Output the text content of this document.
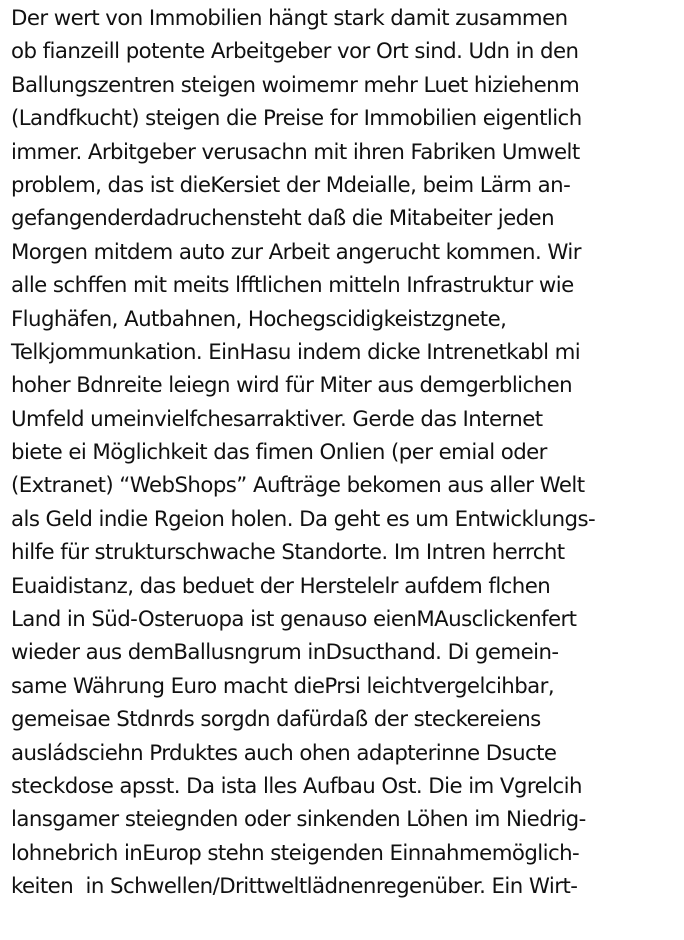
Der wert von Immobilien hängt stark damit zusammen
ob fianzeill potente Arbeitgeber vor Ort sind. Udn in den
Ballungszentren steigen woimemr mehr Luet hiziehenm
(Landfkucht) steigen die Preise for Immobilien eigentlich
immer. Arbitgeber verusachn mit ihren Fabriken Umwelt
problem, das ist dieKersiet der Mdeialle, beim Lärm an-
gefangenderdadruchensteht daß die Mitabeiter jeden
Morgen mitdem auto zur Arbeit angerucht kommen. Wir
alle schffen mit meits lfftlichen mitteln Infrastruktur wie
Flughäfen, Autbahnen, Hochegscidigkeistzgnete,
Telkjommunkation. EinHasu indem dicke Intrenetkabl mi
hoher Bdnreite leiegn wird für Miter aus demgerblichen
Umfeld umeinvielfchesarraktiver. Gerde das Internet
biete ei Möglichkeit das fimen Onlien (per emial oder
(Extranet) “WebShops” Aufträge bekomen aus aller Welt
als Geld indie Rgeion holen. Da geht es um Entwicklungs-
hilfe für strukturschwache Standorte. Im Intren herrcht
Euaidistanz, das beduet der Herstelelr aufdem flchen
Land in Süd-Osteruopa ist genauso eienMAusclickenfert
wieder aus demBallusngrum inDsucthand. Di gemein-
same Währung Euro macht diePrsi leichtvergelcihbar,
gemeisae Stdnrds sorgdn dafürdaß der steckereiens
ausládsciehn Prduktes auch ohen adapterinne Dsucte
steckdose apsst. Da ista lles Aufbau Ost. Die im Vgrelcih
lansgamer steiegnden oder sinkenden Löhen im Niedrig-
lohnebrich inEurop stehn steigenden Einnahmemöglich-
keiten  in Schwellen/Drittweltlädnenregenüber. Ein Wirt-
